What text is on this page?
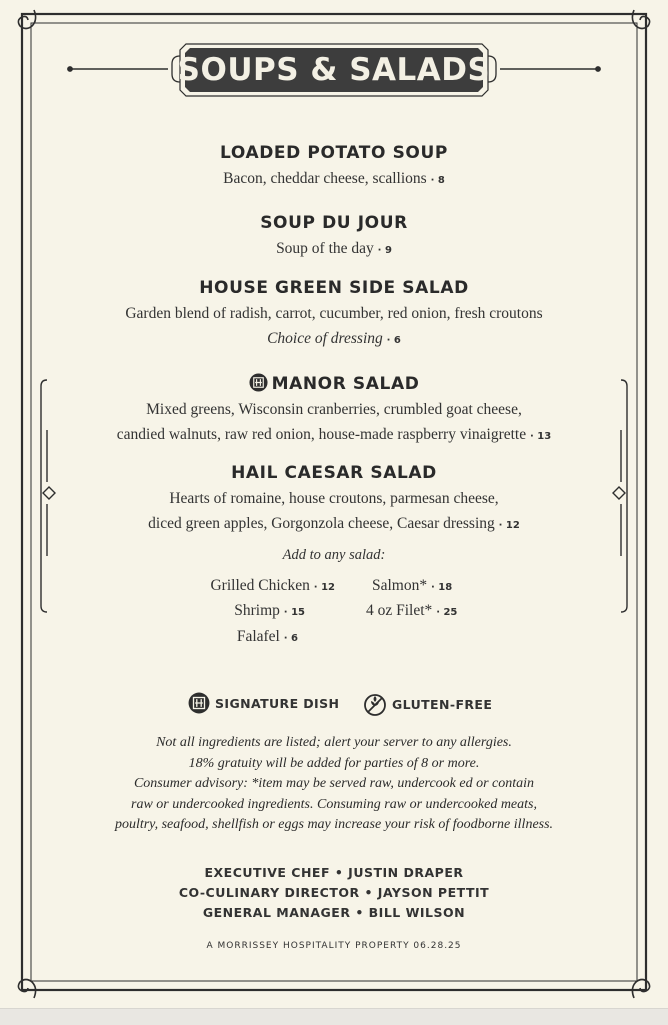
SOUPS & SALADS
LOADED POTATO SOUP
Bacon, cheddar cheese, scallions · 8
SOUP DU JOUR
Soup of the day · 9
HOUSE GREEN SIDE SALAD
Garden blend of radish, carrot, cucumber, red onion, fresh croutons
Choice of dressing · 6
MANOR SALAD
Mixed greens, Wisconsin cranberries, crumbled goat cheese,
candied walnuts, raw red onion, house-made raspberry vinaigrette · 13
HAIL CAESAR SALAD
Hearts of romaine, house croutons, parmesan cheese,
diced green apples, Gorgonzola cheese, Caesar dressing · 12
Add to any salad:
Grilled Chicken · 12 Salmon* · 18
Shrimp · 15	4 oz Filet* · 25
Falafel · 6
SIGNATURE DISH	GLUTEN-FREE
Not all ingredients are listed; alert your server to any allergies.
18% gratuity will be added for parties of 8 or more.
Consumer advisory: *item may be served raw, undercook ed or contain
raw or undercooked ingredients. Consuming raw or undercooked meats,
poultry, seafood, shellfish or eggs may increase your risk of foodborne illness.
EXECUTIVE CHEF • JUSTIN DRAPER
CO-CULINARY DIRECTOR • JAYSON PETTIT
GENERAL MANAGER • BILL WILSON
A MORRISSEY HOSPITALITY PROPERTY 06.28.25
